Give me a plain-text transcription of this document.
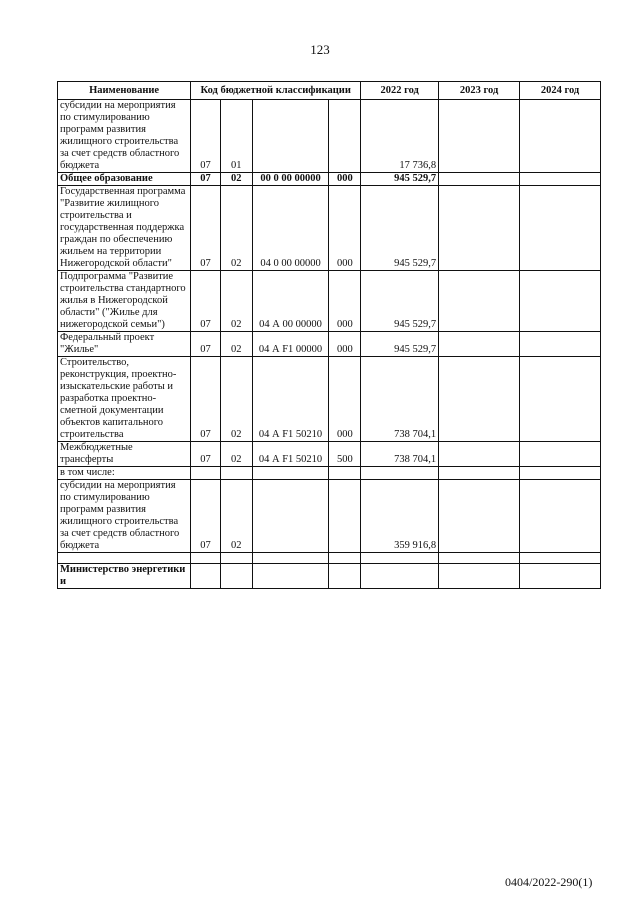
123
Наименование	Код бюджетной классификации				2022 год	2023 год	2024 год
субсидии на мероприятия по стимулированию программ развития жилищного строительства за счет средств областного бюджета	07	01			17 736,8		
Общее образование	07	02	00 0 00 00000	000	945 529,7		
Государственная программа "Развитие жилищного строительства и государственная поддержка граждан по обеспечению жильем на территории Нижегородской области"	07	02	04 0 00 00000	000	945 529,7		
Подпрограмма "Развитие строительства стандартного жилья в Нижегородской области" ("Жилье для нижегородской семьи")	07	02	04 А 00 00000	000	945 529,7		
Федеральный проект "Жилье"	07	02	04 А F1 00000	000	945 529,7		
Строительство, реконструкция, проектно-изыскательские работы и разработка проектно-сметной документации объектов капитального строительства	07	02	04 А F1 50210	000	738 704,1		
Межбюджетные трансферты	07	02	04 А F1 50210	500	738 704,1		
в том числе:							
субсидии на мероприятия по стимулированию программ развития жилищного строительства за счет средств областного бюджета	07	02			359 916,8		

Министерство энергетики и							
0404/2022-290(1)
